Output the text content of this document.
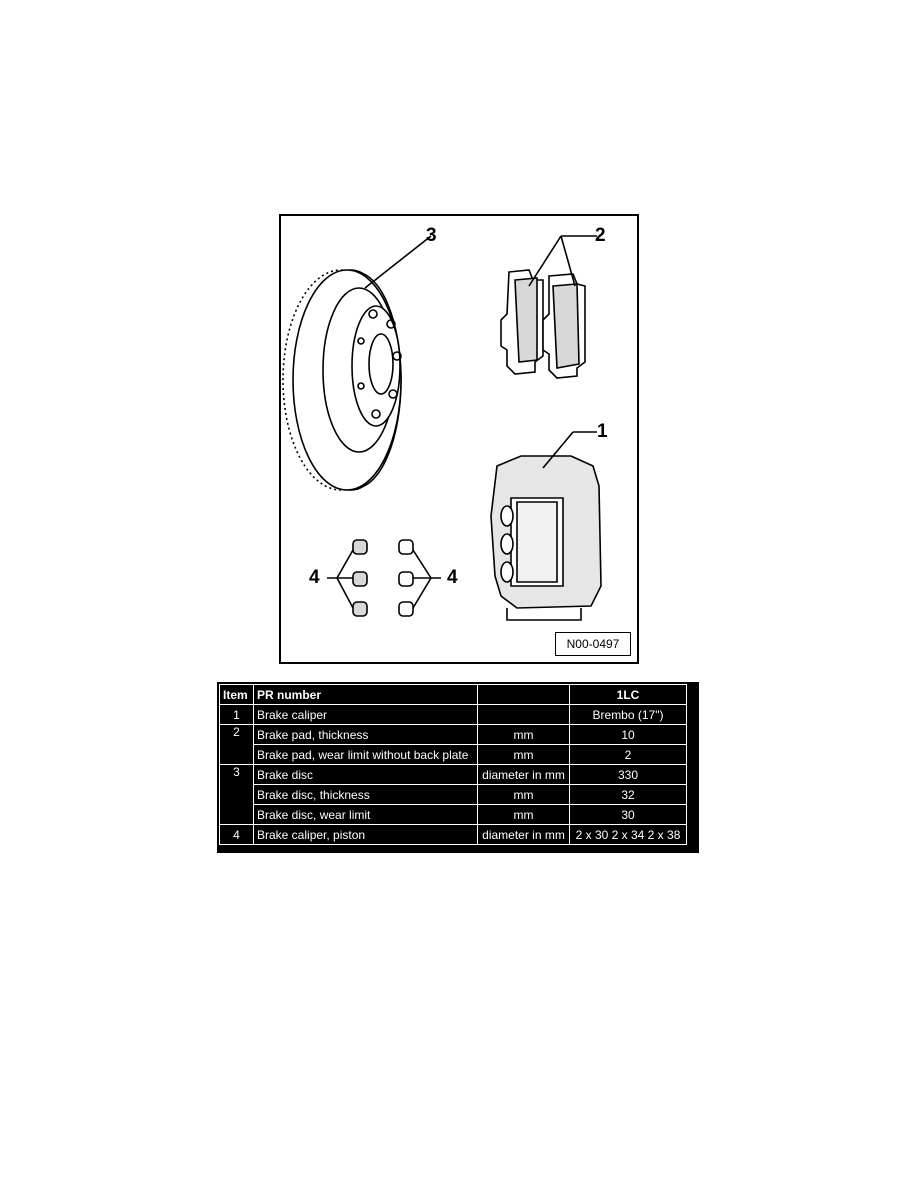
3	2
1
4	4
N00-0497
Item	PR number		1LC
1	Brake caliper		Brembo (17")
2	Brake pad, thickness	mm	10
	Brake pad, wear limit without back plate	mm	2
3	Brake disc	diameter in mm	330
	Brake disc, thickness	mm	32
	Brake disc, wear limit	mm	30
4	Brake caliper, piston	diameter in mm	2 x 30 2 x 34 2 x 38
